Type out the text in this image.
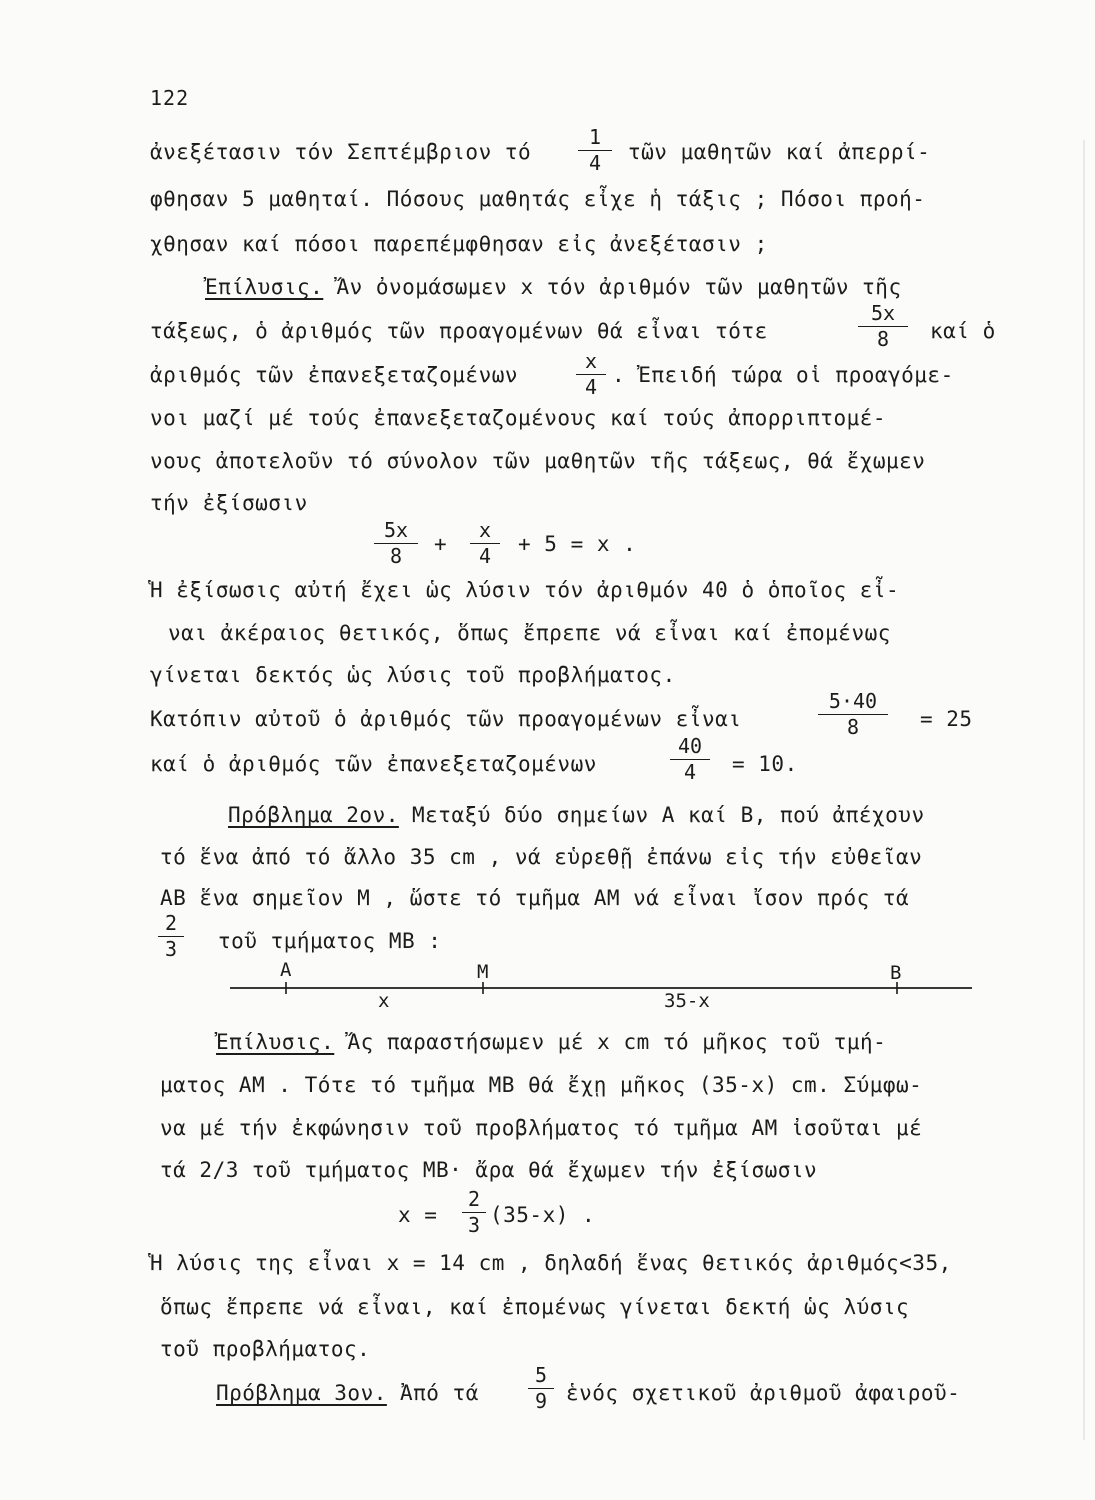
122
ἀνεξέτασιν τόν Σεπτέμβριον τό $\frac{1}{4}$ τῶν μαθητῶν καί ἀπερρί-
φθησαν 5 μαθηταί. Πόσους μαθητάς εἶχε ἡ τάξις ; Πόσοι προή-
χθησαν καί πόσοι παρεπέμφθησαν εἰς ἀνεξέτασιν ;
Ἐπίλυσις. Ἄν ὀνομάσωμεν x τόν ἀριθμόν τῶν μαθητῶν τῆς
τάξεως, ὁ ἀριθμός τῶν προαγομένων θά εἶναι τότε	$\frac{5x}{8}$ καί ὁ
ἀριθμός τῶν ἐπανεξεταζομένων	$\frac{x}{4}$ . Ἐπειδή τώρα οἱ προαγόμε-
νοι μαζί μέ τούς ἐπανεξεταζομένους καί τούς ἀπορριπτομέ-
νους ἀποτελοῦν τό σύνολον τῶν μαθητῶν τῆς τάξεως, θά ἔχωμεν
τήν ἐξίσωσιν
$\frac{5x}{8} + \frac{x}{4} + 5 = x$ .
Ἡ ἐξίσωσις αὐτή ἔχει ὡς λύσιν τόν ἀριθμόν 40 ὁ ὁποῖος εἶ-
ναι ἀκέραιος θετικός, ὅπως ἔπρεπε νά εἶναι καί ἐπομένως
γίνεται δεκτός ὡς λύσις τοῦ προβλήματος.
Κατόπιν αὐτοῦ ὁ ἀριθμός τῶν προαγομένων εἶναι	$\frac{5\cdot 40}{8} = 25$
καί ὁ ἀριθμός τῶν ἐπανεξεταζομένων	$\frac{40}{4} = 10$.
Πρόβλημα 2ον. Μεταξύ δύο σημείων Α καί Β, πού ἀπέχουν
τό ἕνα ἀπό τό ἄλλο 35 cm , νά εὑρεθῇ ἐπάνω εἰς τήν εὐθεῖαν
ΑΒ ἕνα σημεῖον Μ , ὥστε τό τμῆμα ΑΜ νά εἶναι ἴσον πρός τά
$\frac{2}{3}$ τοῦ τμήματος ΜΒ :
A	M	B
x	35-x
Ἐπίλυσις. Ἄς παραστήσωμεν μέ x cm τό μῆκος τοῦ τμή-
ματος ΑΜ . Τότε τό τμῆμα ΜΒ θά ἔχῃ μῆκος (35-x) cm. Σύμφω-
να μέ τήν ἐκφώνησιν τοῦ προβλήματος τό τμῆμα ΑΜ ἰσοῦται μέ
τά 2/3 τοῦ τμήματος ΜΒ· ἄρα θά ἔχωμεν τήν ἐξίσωσιν
$x = \frac{2}{3} (35-x)$ .
Ἡ λύσις της εἶναι x = 14 cm , δηλαδή ἕνας θετικός ἀριθμός<35,
ὅπως ἔπρεπε νά εἶναι, καί ἐπομένως γίνεται δεκτή ὡς λύσις
τοῦ προβλήματος.
Πρόβλημα 3ον. Ἀπό τά $\frac{5}{9}$ ἑνός σχετικοῦ ἀριθμοῦ ἀφαιροῦ-
